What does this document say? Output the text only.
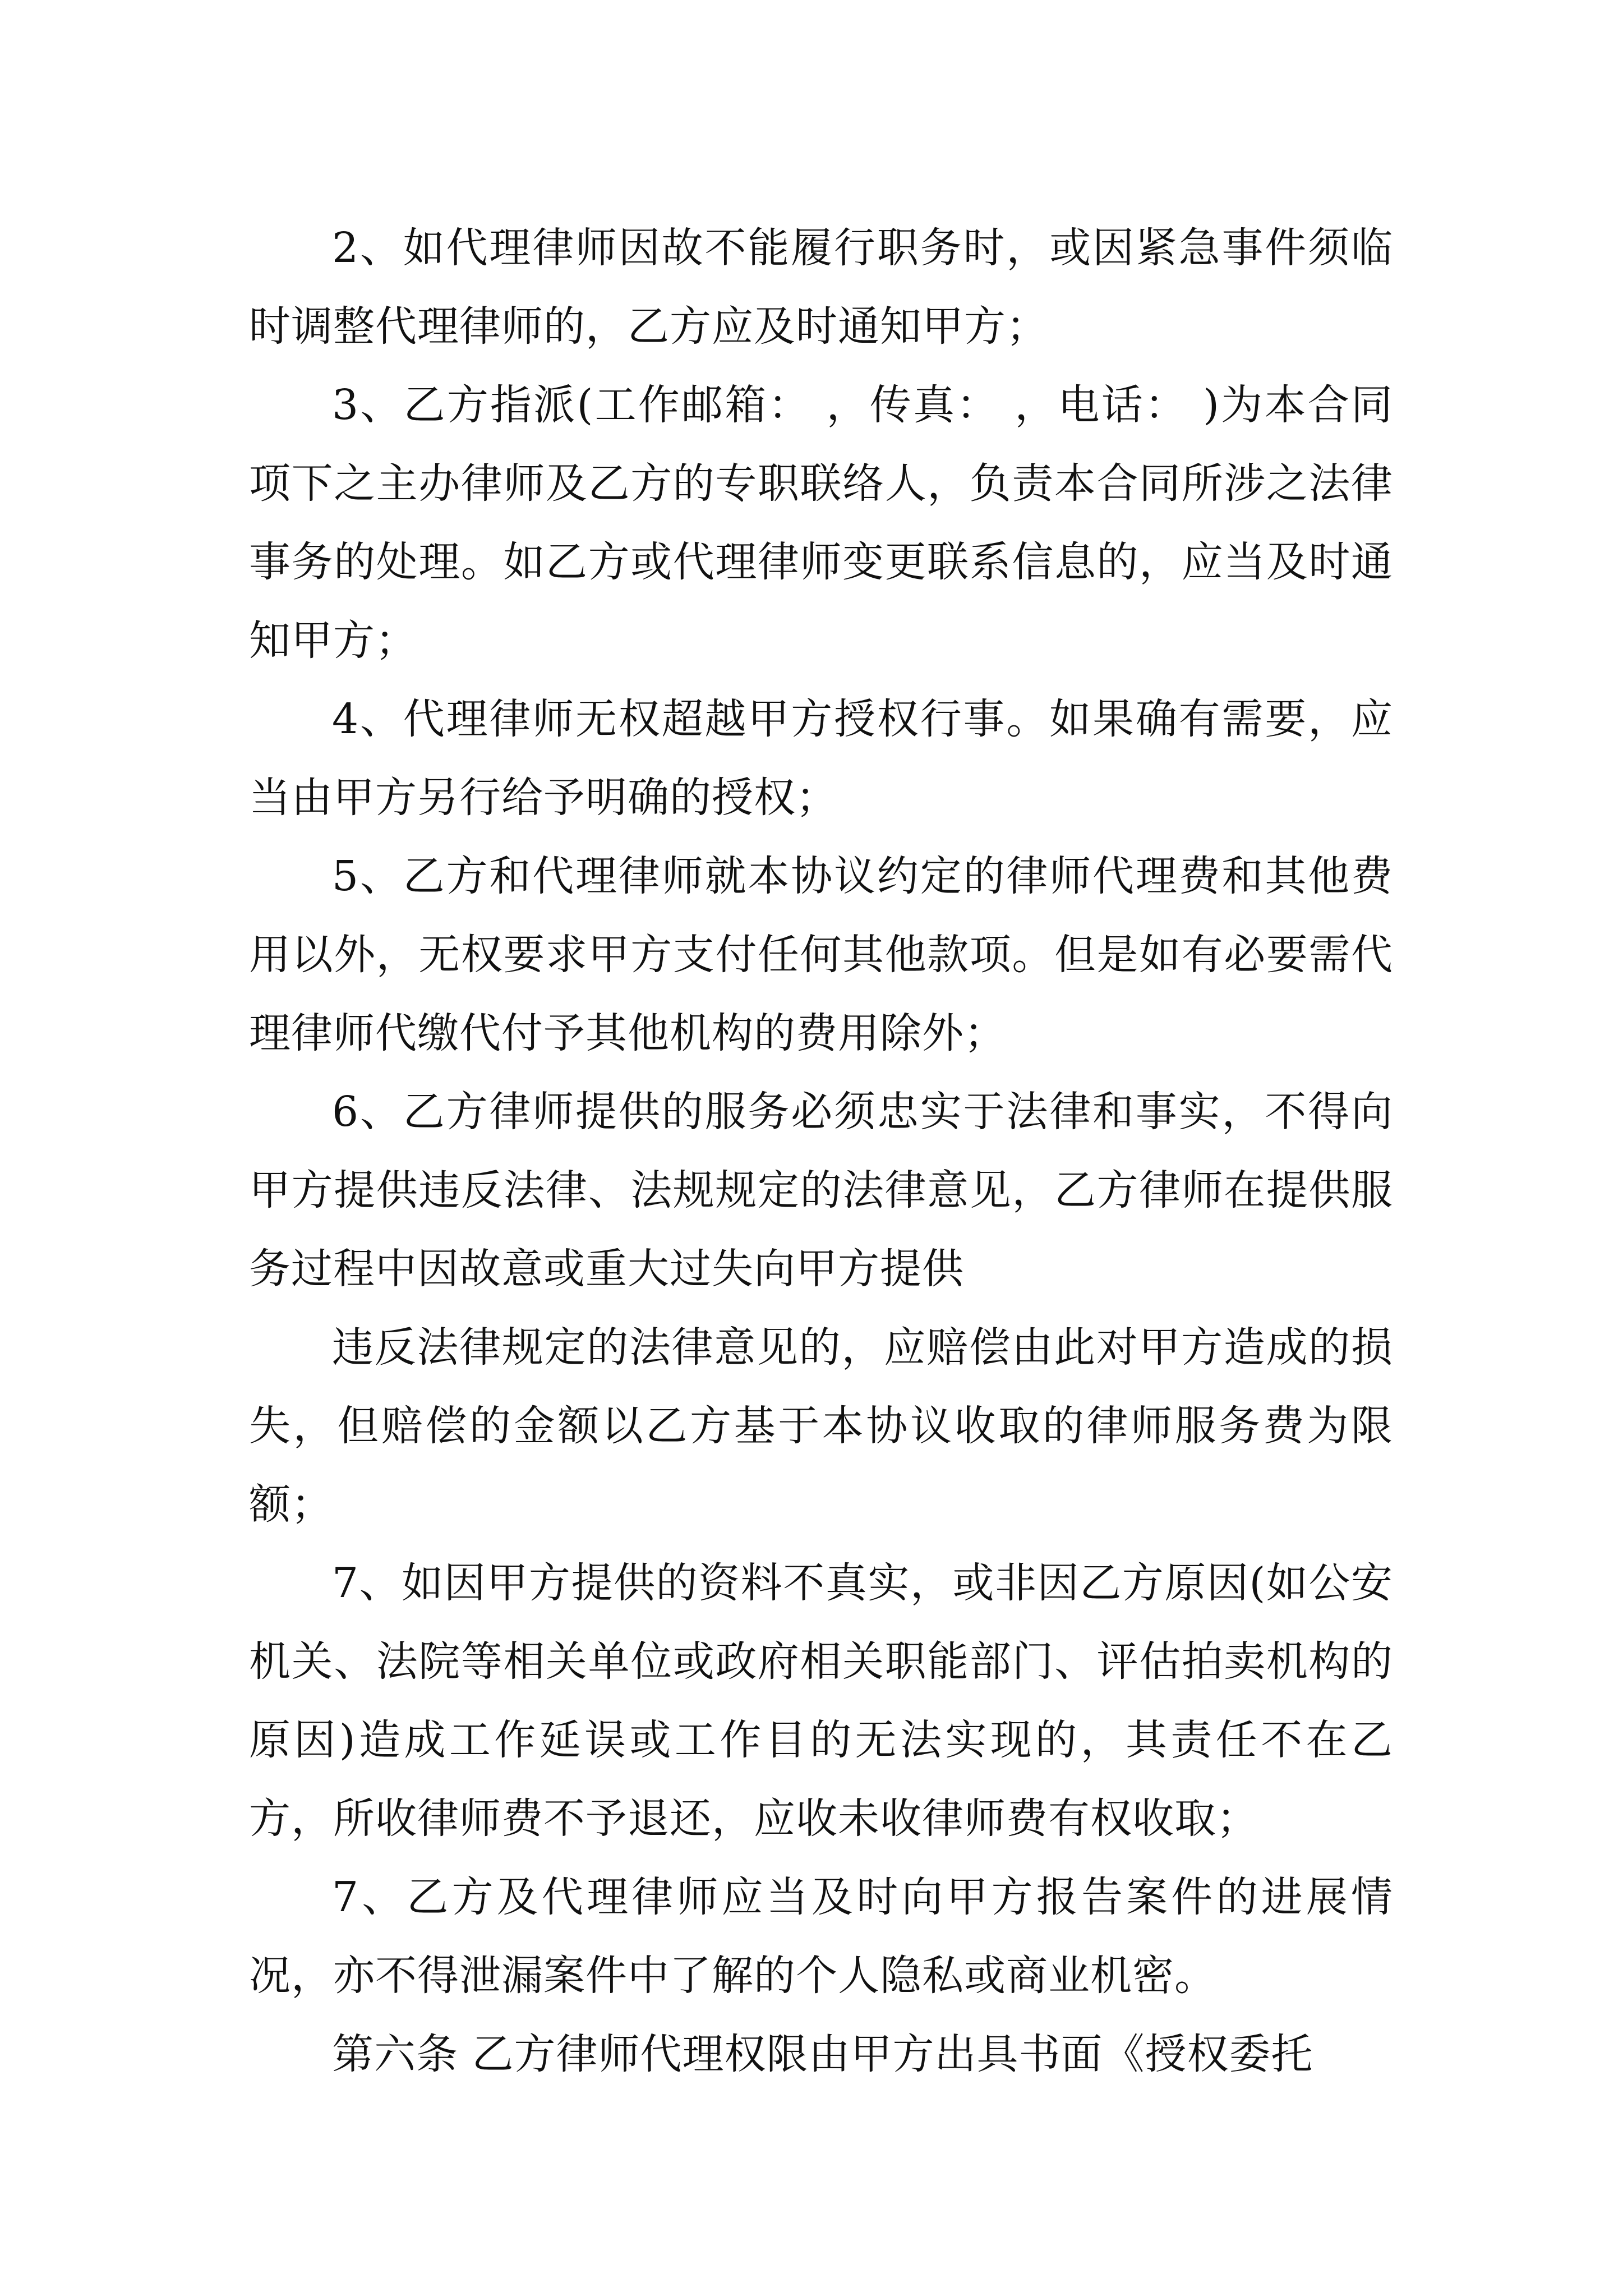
2、如代理律师因故不能履行职务时，或因紧急事件须临时调整代理律师的，乙方应及时通知甲方；

3、乙方指派(工作邮箱： ，传真： ，电话： )为本合同项下之主办律师及乙方的专职联络人，负责本合同所涉之法律事务的处理。如乙方或代理律师变更联系信息的，应当及时通知甲方；

4、代理律师无权超越甲方授权行事。如果确有需要，应当由甲方另行给予明确的授权；

5、乙方和代理律师就本协议约定的律师代理费和其他费用以外，无权要求甲方支付任何其他款项。但是如有必要需代理律师代缴代付予其他机构的费用除外；

6、乙方律师提供的服务必须忠实于法律和事实，不得向甲方提供违反法律、法规规定的法律意见，乙方律师在提供服务过程中因故意或重大过失向甲方提供

违反法律规定的法律意见的，应赔偿由此对甲方造成的损失，但赔偿的金额以乙方基于本协议收取的律师服务费为限额；

7、如因甲方提供的资料不真实，或非因乙方原因(如公安机关、法院等相关单位或政府相关职能部门、评估拍卖机构的原因)造成工作延误或工作目的无法实现的，其责任不在乙方，所收律师费不予退还，应收未收律师费有权收取；

7、乙方及代理律师应当及时向甲方报告案件的进展情况，亦不得泄漏案件中了解的个人隐私或商业机密。

第六条 乙方律师代理权限由甲方出具书面《授权委托
